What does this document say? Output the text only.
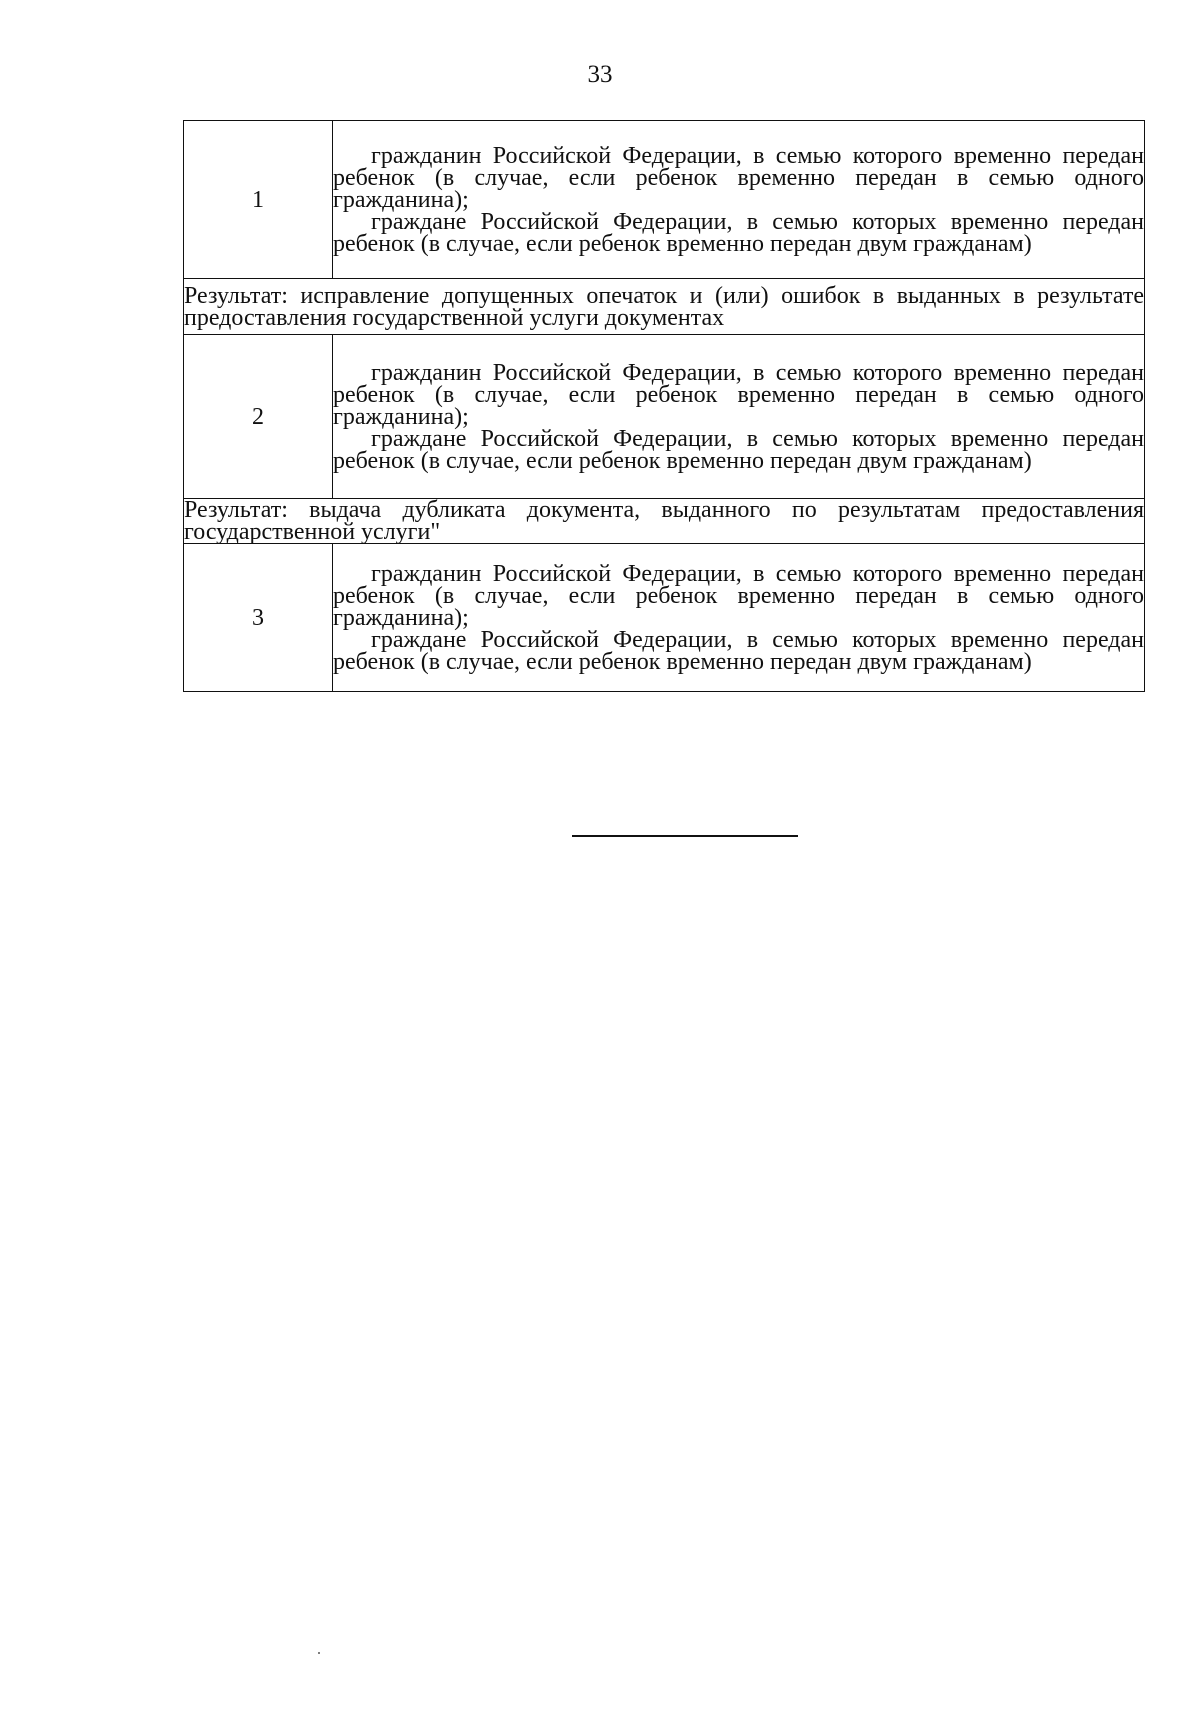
33
1	гражданин Российской Федерации, в семью которого временно передан ребенок (в случае, если ребенок временно передан в семью одного гражданина);

граждане Российской Федерации, в семью которых временно передан ребенок (в случае, если ребенок временно передан двум гражданам)

Результат: исправление допущенных опечаток и (или) ошибок в выданных в результате предоставления государственной услуги документах	
2	гражданин Российской Федерации, в семью которого временно передан ребенок (в случае, если ребенок временно передан в семью одного гражданина);

граждане Российской Федерации, в семью которых временно передан ребенок (в случае, если ребенок временно передан двум гражданам)

Результат: выдача дубликата документа, выданного по результатам предоставления государственной услуги"	
3	гражданин Российской Федерации, в семью которого временно передан ребенок (в случае, если ребенок временно передан в семью одного гражданина);

граждане Российской Федерации, в семью которых временно передан ребенок (в случае, если ребенок временно передан двум гражданам)
